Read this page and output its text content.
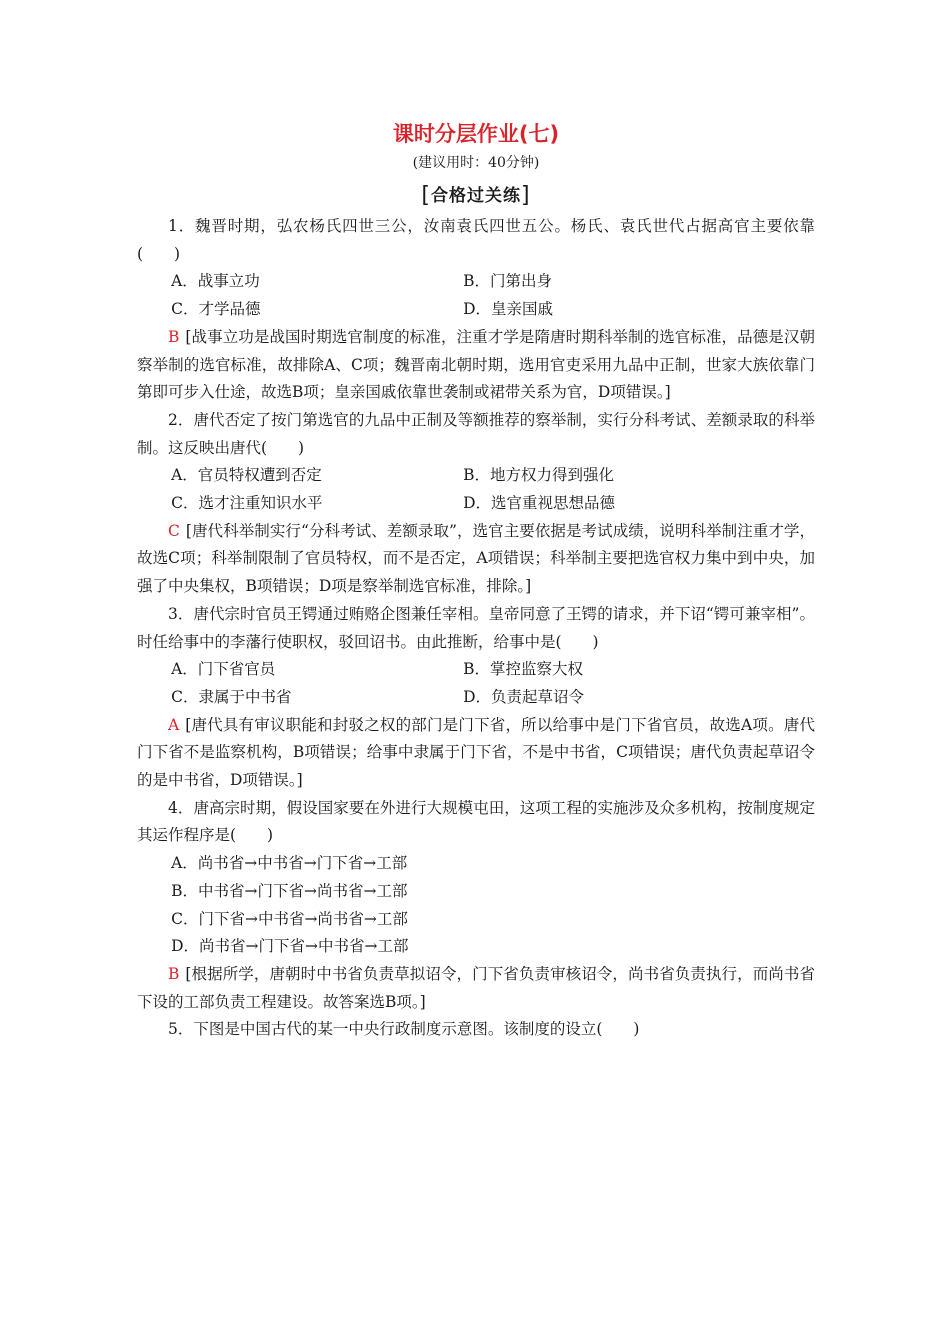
课时分层作业(七)
(建议用时：40分钟)
[合格过关练]

1．魏晋时期，弘农杨氏四世三公，汝南袁氏四世五公。杨氏、袁氏世代占据高官主要依靠(　　)

A．战事立功	B．门第出身
C．才学品德	D．皇亲国戚

B [战事立功是战国时期选官制度的标准，注重才学是隋唐时期科举制的选官标准，品德是汉朝察举制的选官标准，故排除A、C项；魏晋南北朝时期，选用官吏采用九品中正制，世家大族依靠门第即可步入仕途，故选B项；皇亲国戚依靠世袭制或裙带关系为官，D项错误。]

2．唐代否定了按门第选官的九品中正制及等额推荐的察举制，实行分科考试、差额录取的科举制。这反映出唐代(　　)

A．官员特权遭到否定	B．地方权力得到强化
C．选才注重知识水平	D．选官重视思想品德

C [唐代科举制实行“分科考试、差额录取”，选官主要依据是考试成绩，说明科举制注重才学，故选C项；科举制限制了官员特权，而不是否定，A项错误；科举制主要把选官权力集中到中央，加强了中央集权，B项错误；D项是察举制选官标准，排除。]

3．唐代宗时官员王锷通过贿赂企图兼任宰相。皇帝同意了王锷的请求，并下诏“锷可兼宰相”。时任给事中的李藩行使职权，驳回诏书。由此推断，给事中是(　　)

A．门下省官员	B．掌控监察大权
C．隶属于中书省	D．负责起草诏令

A [唐代具有审议职能和封驳之权的部门是门下省，所以给事中是门下省官员，故选A项。唐代门下省不是监察机构，B项错误；给事中隶属于门下省，不是中书省，C项错误；唐代负责起草诏令的是中书省，D项错误。]

4．唐高宗时期，假设国家要在外进行大规模屯田，这项工程的实施涉及众多机构，按制度规定其运作程序是(　　)

A．尚书省→中书省→门下省→工部
B．中书省→门下省→尚书省→工部
C．门下省→中书省→尚书省→工部
D．尚书省→门下省→中书省→工部

B [根据所学，唐朝时中书省负责草拟诏令，门下省负责审核诏令，尚书省负责执行，而尚书省下设的工部负责工程建设。故答案选B项。]

5．下图是中国古代的某一中央行政制度示意图。该制度的设立(　　)
